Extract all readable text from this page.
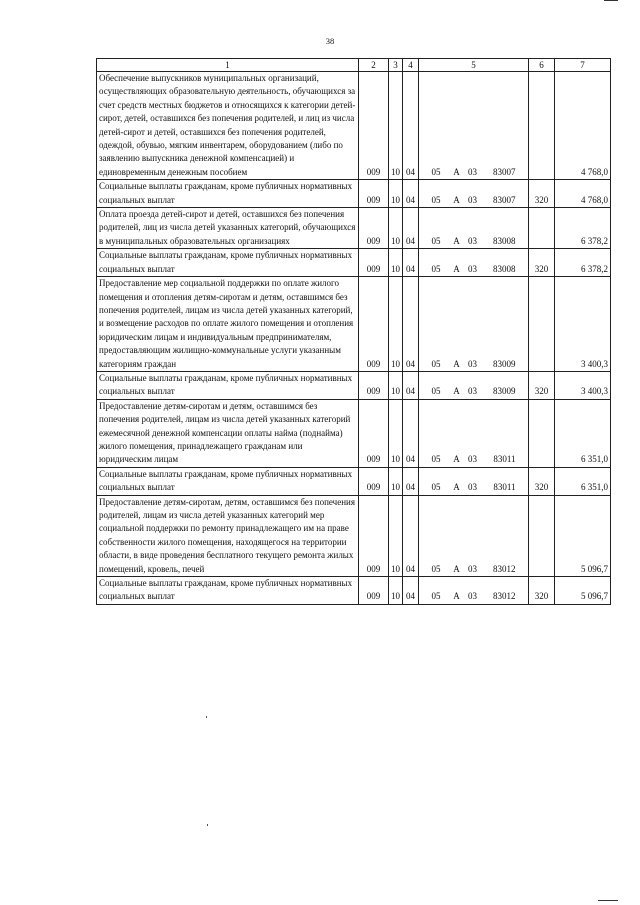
38
1	2	3	4	5	6	7
Обеспечение выпускников муниципальных организаций, осуществляющих образовательную деятельность, обучающихся за счет средств местных бюджетов и относящихся к категории детей-сирот, детей, оставшихся без попечения родителей, и лиц из числа детей-сирот и детей, оставшихся без попечения родителей, одеждой, обувью, мягким инвентарем, оборудованием (либо по заявлению выпускника денежной компенсацией) и единовременным денежным пособием	009	10	04	05 А 03 83007		4 768,0
Социальные выплаты гражданам, кроме публичных нормативных социальных выплат	009	10	04	05 А 03 83007	320	4 768,0
Оплата проезда детей-сирот и детей, оставшихся без попечения родителей, лиц из числа детей указанных категорий, обучающихся в муниципальных образовательных организациях	009	10	04	05 А 03 83008		6 378,2
Социальные выплаты гражданам, кроме публичных нормативных социальных выплат	009	10	04	05 А 03 83008	320	6 378,2
Предоставление мер социальной поддержки по оплате жилого помещения и отопления детям-сиротам и детям, оставшимся без попечения родителей, лицам из числа детей указанных категорий, и возмещение расходов по оплате жилого помещения и отопления юридическим лицам и индивидуальным предпринимателям, предоставляющим жилищно-коммунальные услуги указанным категориям граждан	009	10	04	05 А 03 83009		3 400,3
Социальные выплаты гражданам, кроме публичных нормативных социальных выплат	009	10	04	05 А 03 83009	320	3 400,3
Предоставление детям-сиротам и детям, оставшимся без попечения родителей, лицам из числа детей указанных категорий ежемесячной денежной компенсации оплаты найма (поднайма) жилого помещения, принадлежащего гражданам или юридическим лицам	009	10	04	05 А 03 83011		6 351,0
Социальные выплаты гражданам, кроме публичных нормативных социальных выплат	009	10	04	05 А 03 83011	320	6 351,0
Предоставление детям-сиротам, детям, оставшимся без попечения родителей, лицам из числа детей указанных категорий мер социальной поддержки по ремонту принадлежащего им на праве собственности жилого помещения, находящегося на территории области, в виде проведения бесплатного текущего ремонта жилых помещений, кровель, печей	009	10	04	05 А 03 83012		5 096,7
Социальные выплаты гражданам, кроме публичных нормативных социальных выплат	009	10	04	05 А 03 83012	320	5 096,7
